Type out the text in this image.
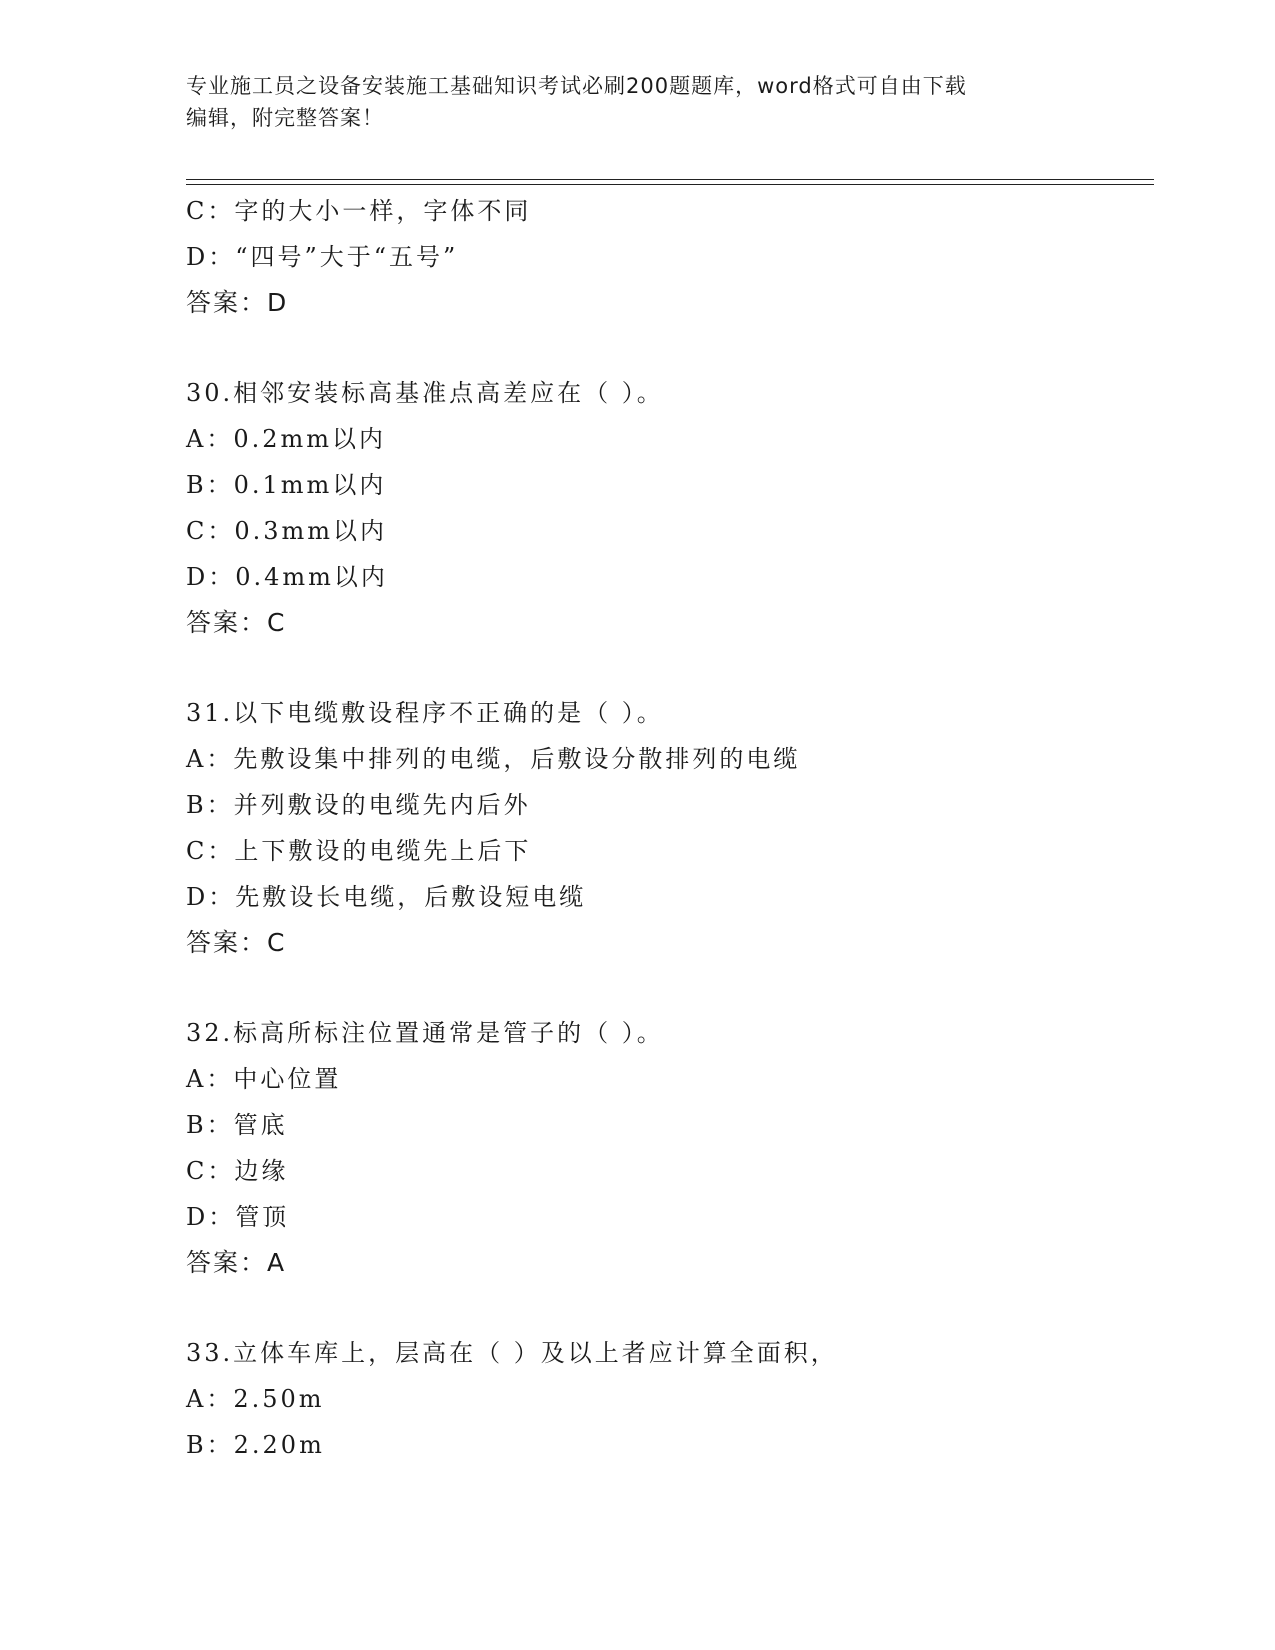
专业施工员之设备安装施工基础知识考试必刷200题题库，word格式可自由下载
编辑，附完整答案！
C：字的大小一样，字体不同
D：“四号”大于“五号”
答案：D
30.相邻安装标高基准点高差应在（ ）。
A：0.2mm以内
B：0.1mm以内
C：0.3mm以内
D：0.4mm以内
答案：C
31.以下电缆敷设程序不正确的是（ ）。
A：先敷设集中排列的电缆，后敷设分散排列的电缆
B：并列敷设的电缆先内后外
C：上下敷设的电缆先上后下
D：先敷设长电缆，后敷设短电缆
答案：C
32.标高所标注位置通常是管子的（ ）。
A：中心位置
B：管底
C：边缘
D：管顶
答案：A
33.立体车库上，层高在（ ）及以上者应计算全面积，
A：2.50m
B：2.20m
